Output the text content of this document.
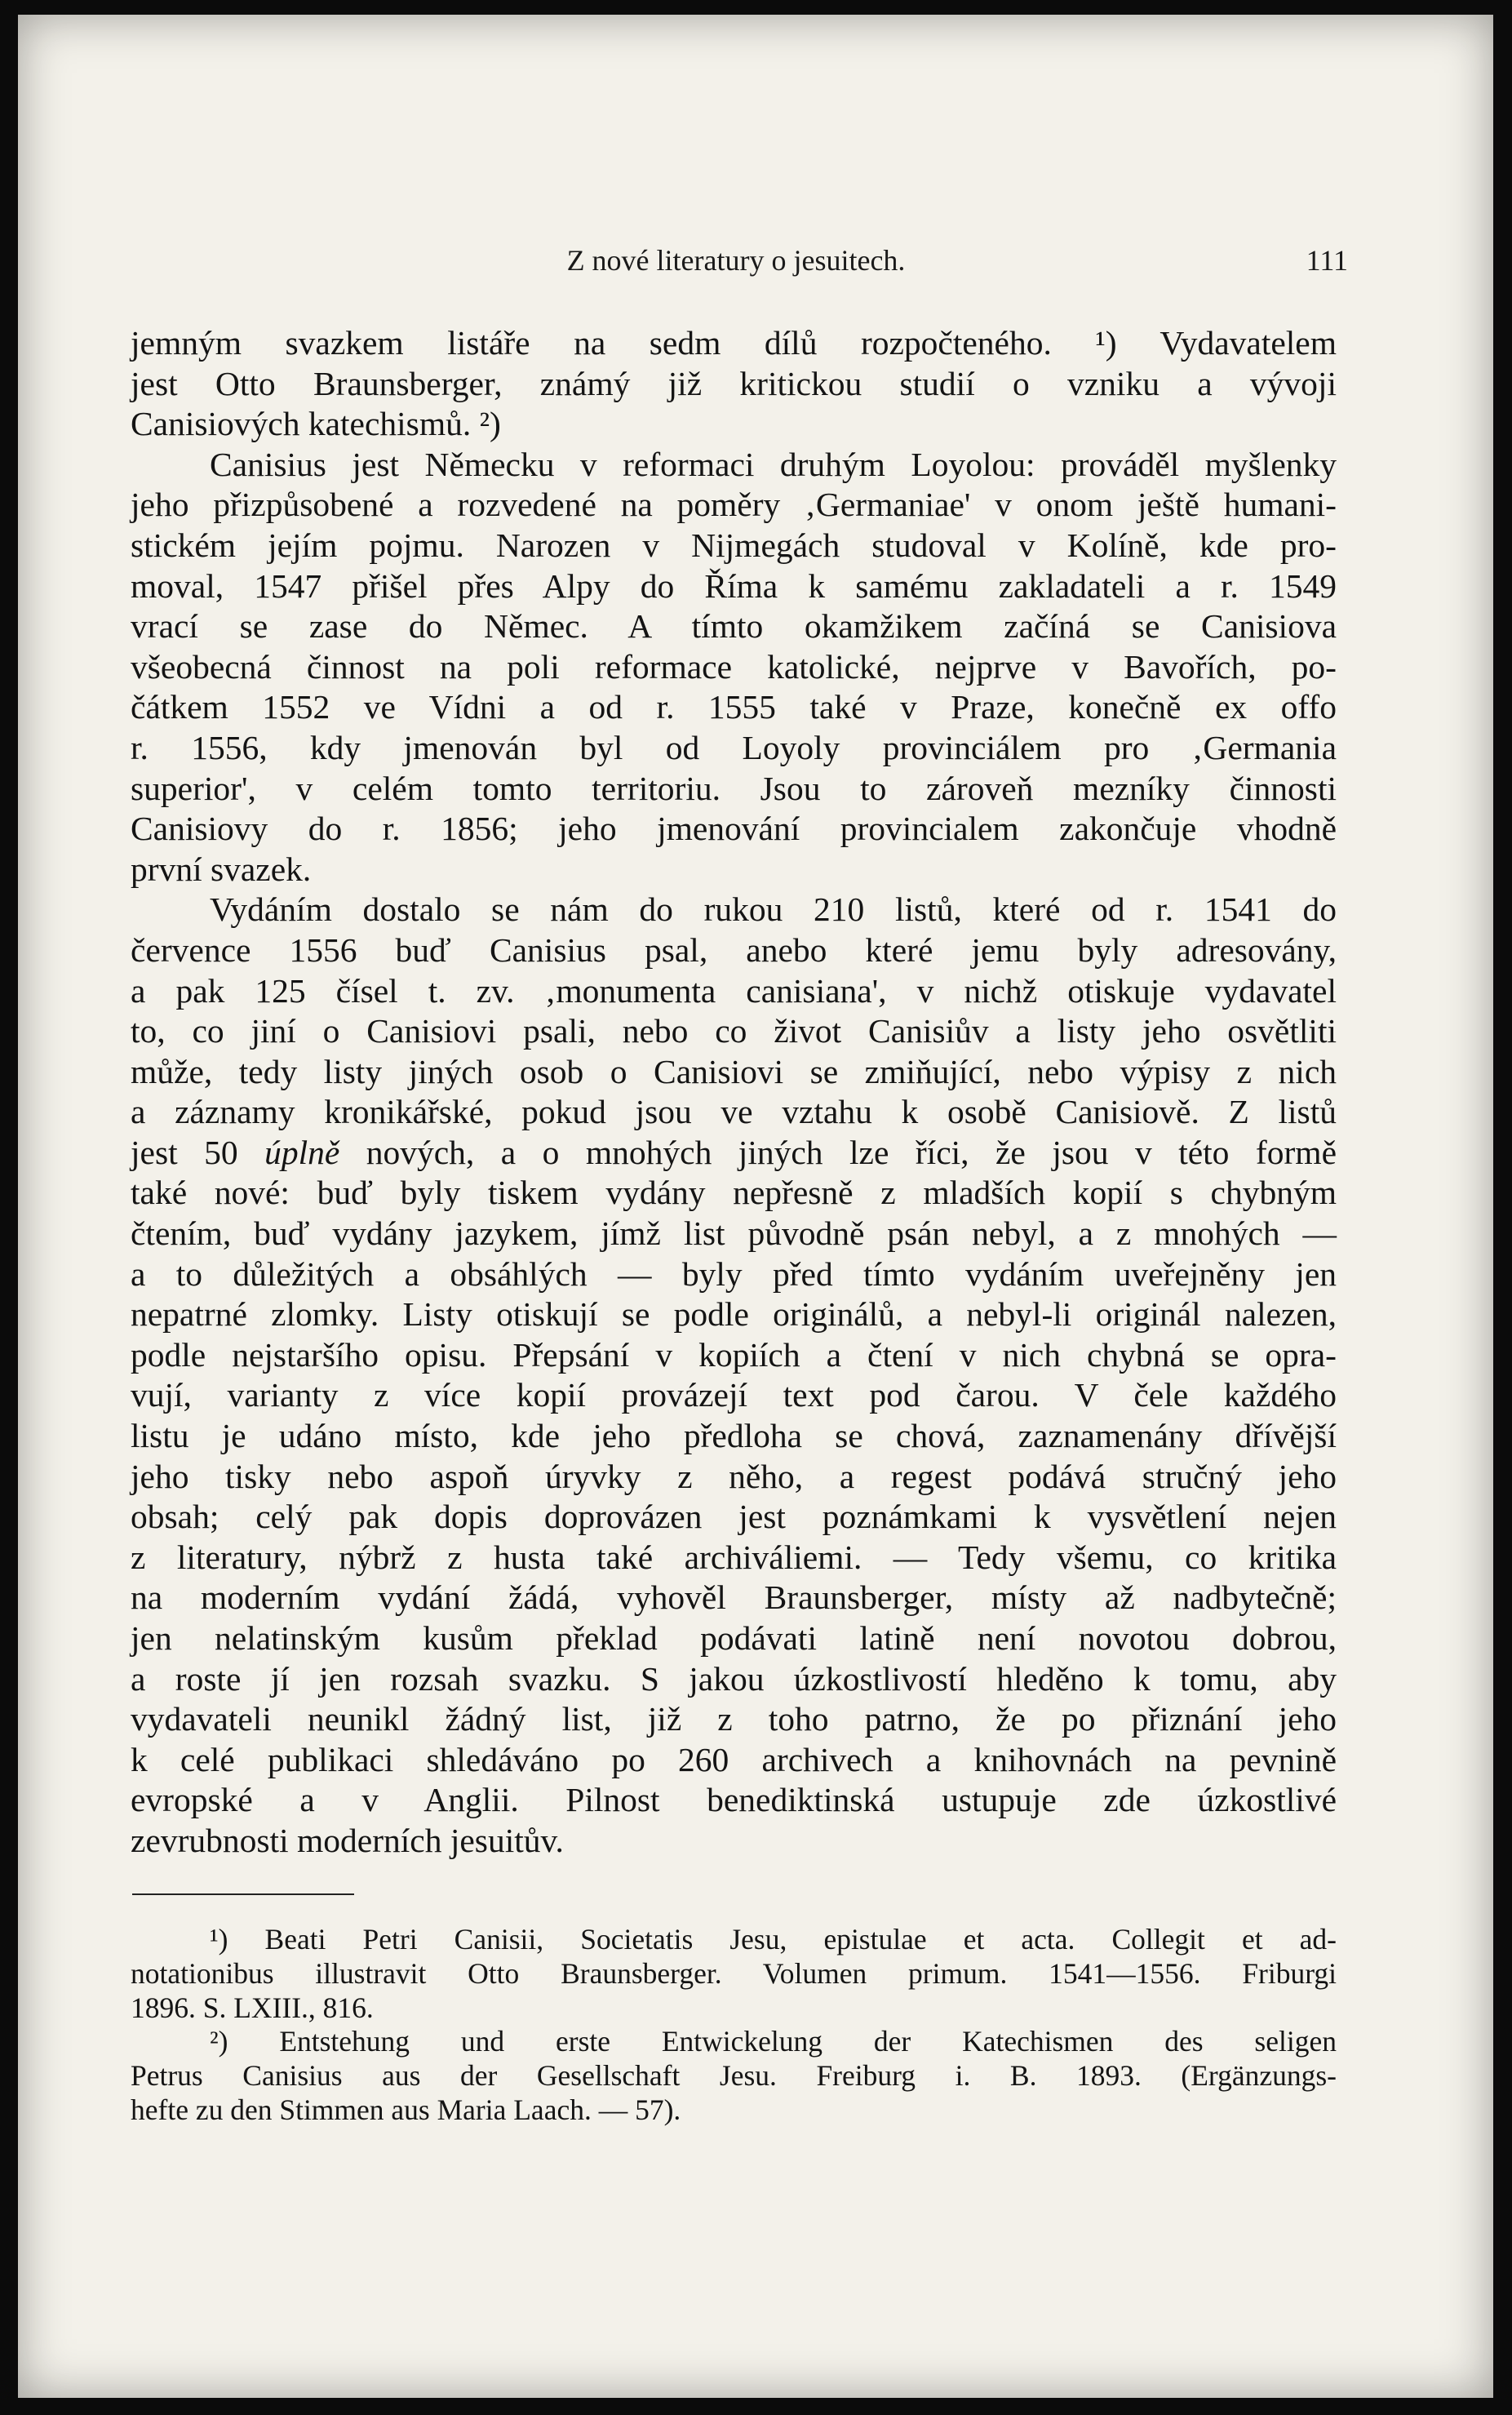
Z nové literatury o jesuitech.	111
jemným svazkem listáře na sedm dílů rozpočteného. ¹) Vydavatelem
jest Otto Braunsberger, známý již kritickou studií o vzniku a vývoji
Canisiových katechismů. ²)
Canisius jest Německu v reformaci druhým Loyolou: prováděl myšlenky
jeho přizpůsobené a rozvedené na poměry ‚Germaniae' v onom ještě humani-
stickém jejím pojmu. Narozen v Nijmegách studoval v Kolíně, kde pro-
moval, 1547 přišel přes Alpy do Říma k samému zakladateli a r. 1549
vrací se zase do Němec. A tímto okamžikem začíná se Canisiova
všeobecná činnost na poli reformace katolické, nejprve v Bavořích, po-
čátkem 1552 ve Vídni a od r. 1555 také v Praze, konečně ex offo
r. 1556, kdy jmenován byl od Loyoly provinciálem pro ‚Germania
superior', v celém tomto territoriu. Jsou to zároveň mezníky činnosti
Canisiovy do r. 1856; jeho jmenování provincialem zakončuje vhodně
první svazek.
Vydáním dostalo se nám do rukou 210 listů, které od r. 1541 do
července 1556 buď Canisius psal, anebo které jemu byly adresovány,
a pak 125 čísel t. zv. ‚monumenta canisiana', v nichž otiskuje vydavatel
to, co jiní o Canisiovi psali, nebo co život Canisiův a listy jeho osvětliti
může, tedy listy jiných osob o Canisiovi se zmiňující, nebo výpisy z nich
a záznamy kronikářské, pokud jsou ve vztahu k osobě Canisiově. Z listů
jest 50 úplně nových, a o mnohých jiných lze říci, že jsou v této formě
také nové: buď byly tiskem vydány nepřesně z mladších kopií s chybným
čtením, buď vydány jazykem, jímž list původně psán nebyl, a z mnohých —
a to důležitých a obsáhlých — byly před tímto vydáním uveřejněny jen
nepatrné zlomky. Listy otiskují se podle originálů, a nebyl-li originál nalezen,
podle nejstaršího opisu. Přepsání v kopiích a čtení v nich chybná se opra-
vují, varianty z více kopií provázejí text pod čarou. V čele každého
listu je udáno místo, kde jeho předloha se chová, zaznamenány dřívější
jeho tisky nebo aspoň úryvky z něho, a regest podává stručný jeho
obsah; celý pak dopis doprovázen jest poznámkami k vysvětlení nejen
z literatury, nýbrž z husta také archiváliemi. — Tedy všemu, co kritika
na moderním vydání žádá, vyhověl Braunsberger, místy až nadbytečně;
jen nelatinským kusům překlad podávati latině není novotou dobrou,
a roste jí jen rozsah svazku. S jakou úzkostlivostí hleděno k tomu, aby
vydavateli neunikl žádný list, již z toho patrno, že po přiznání jeho
k celé publikaci shledáváno po 260 archivech a knihovnách na pevnině
evropské a v Anglii. Pilnost benediktinská ustupuje zde úzkostlivé
zevrubnosti moderních jesuitův.
¹) Beati Petri Canisii, Societatis Jesu, epistulae et acta. Collegit et ad-
notationibus illustravit Otto Braunsberger. Volumen primum. 1541—1556. Friburgi
1896. S. LXIII., 816.
²) Entstehung und erste Entwickelung der Katechismen des seligen
Petrus Canisius aus der Gesellschaft Jesu. Freiburg i. B. 1893. (Ergänzungs-
hefte zu den Stimmen aus Maria Laach. — 57).
